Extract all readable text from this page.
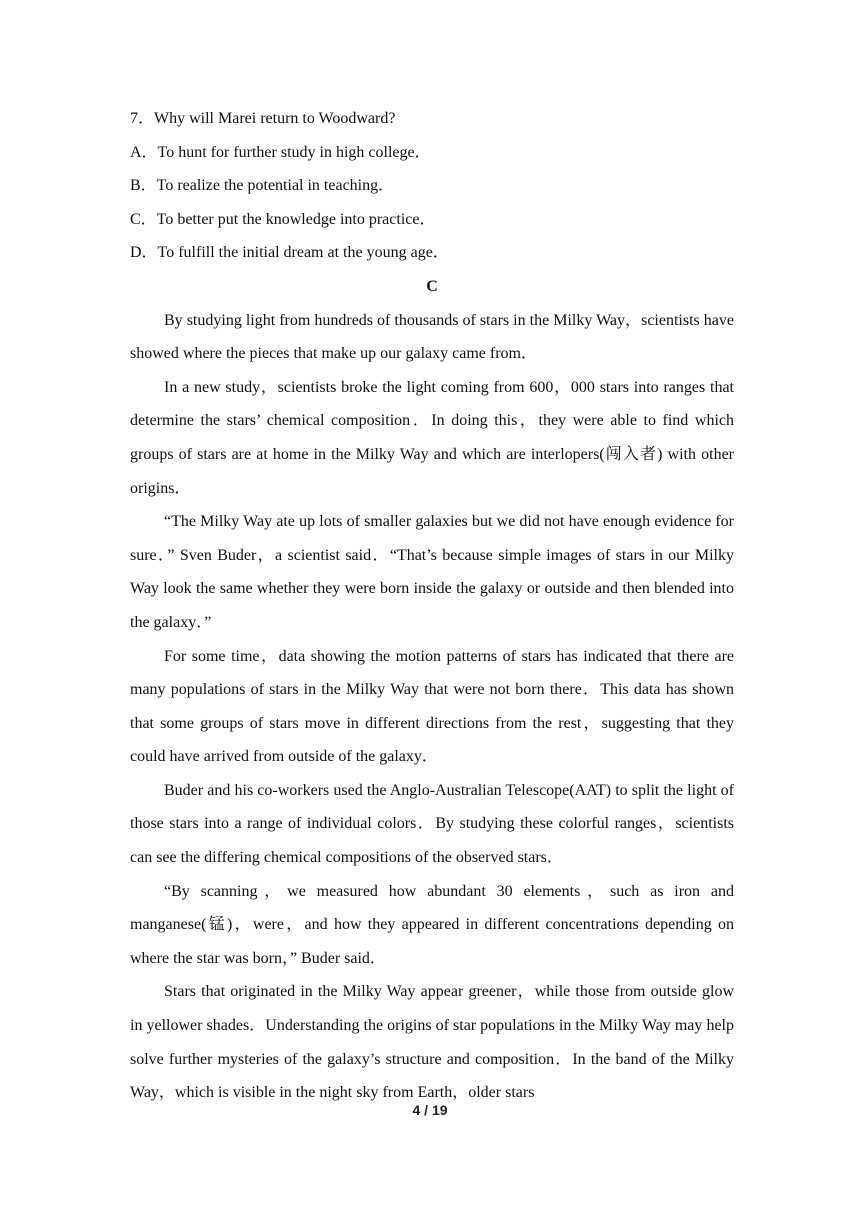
7．Why will Marei return to Woodward?
A．To hunt for further study in high college．
B．To realize the potential in teaching．
C．To better put the knowledge into practice．
D．To fulfill the initial dream at the young age．
C

By studying light from hundreds of thousands of stars in the Milky Way，scientists have showed where the pieces that make up our galaxy came from．

In a new study，scientists broke the light coming from 600，000 stars into ranges that determine the stars’ chemical composition．In doing this，they were able to find which groups of stars are at home in the Milky Way and which are interlopers(闯入者) with other origins．

“The Milky Way ate up lots of smaller galaxies but we did not have enough evidence for sure．” Sven Buder，a scientist said．“That’s because simple images of stars in our Milky Way look the same whether they were born inside the galaxy or outside and then blended into the galaxy．”

For some time，data showing the motion patterns of stars has indicated that there are many populations of stars in the Milky Way that were not born there．This data has shown that some groups of stars move in different directions from the rest，suggesting that they could have arrived from outside of the galaxy．

Buder and his co-workers used the Anglo-Australian Telescope(AAT) to split the light of those stars into a range of individual colors．By studying these colorful ranges，scientists can see the differing chemical compositions of the observed stars．

“By scanning，we measured how abundant 30 elements，such as iron and manganese(锰)，were，and how they appeared in different concentrations depending on where the star was born，” Buder said．

Stars that originated in the Milky Way appear greener，while those from outside glow in yellower shades．Understanding the origins of star populations in the Milky Way may help solve further mysteries of the galaxy’s structure and composition．In the band of the Milky Way，which is visible in the night sky from Earth，older stars

4 / 19
